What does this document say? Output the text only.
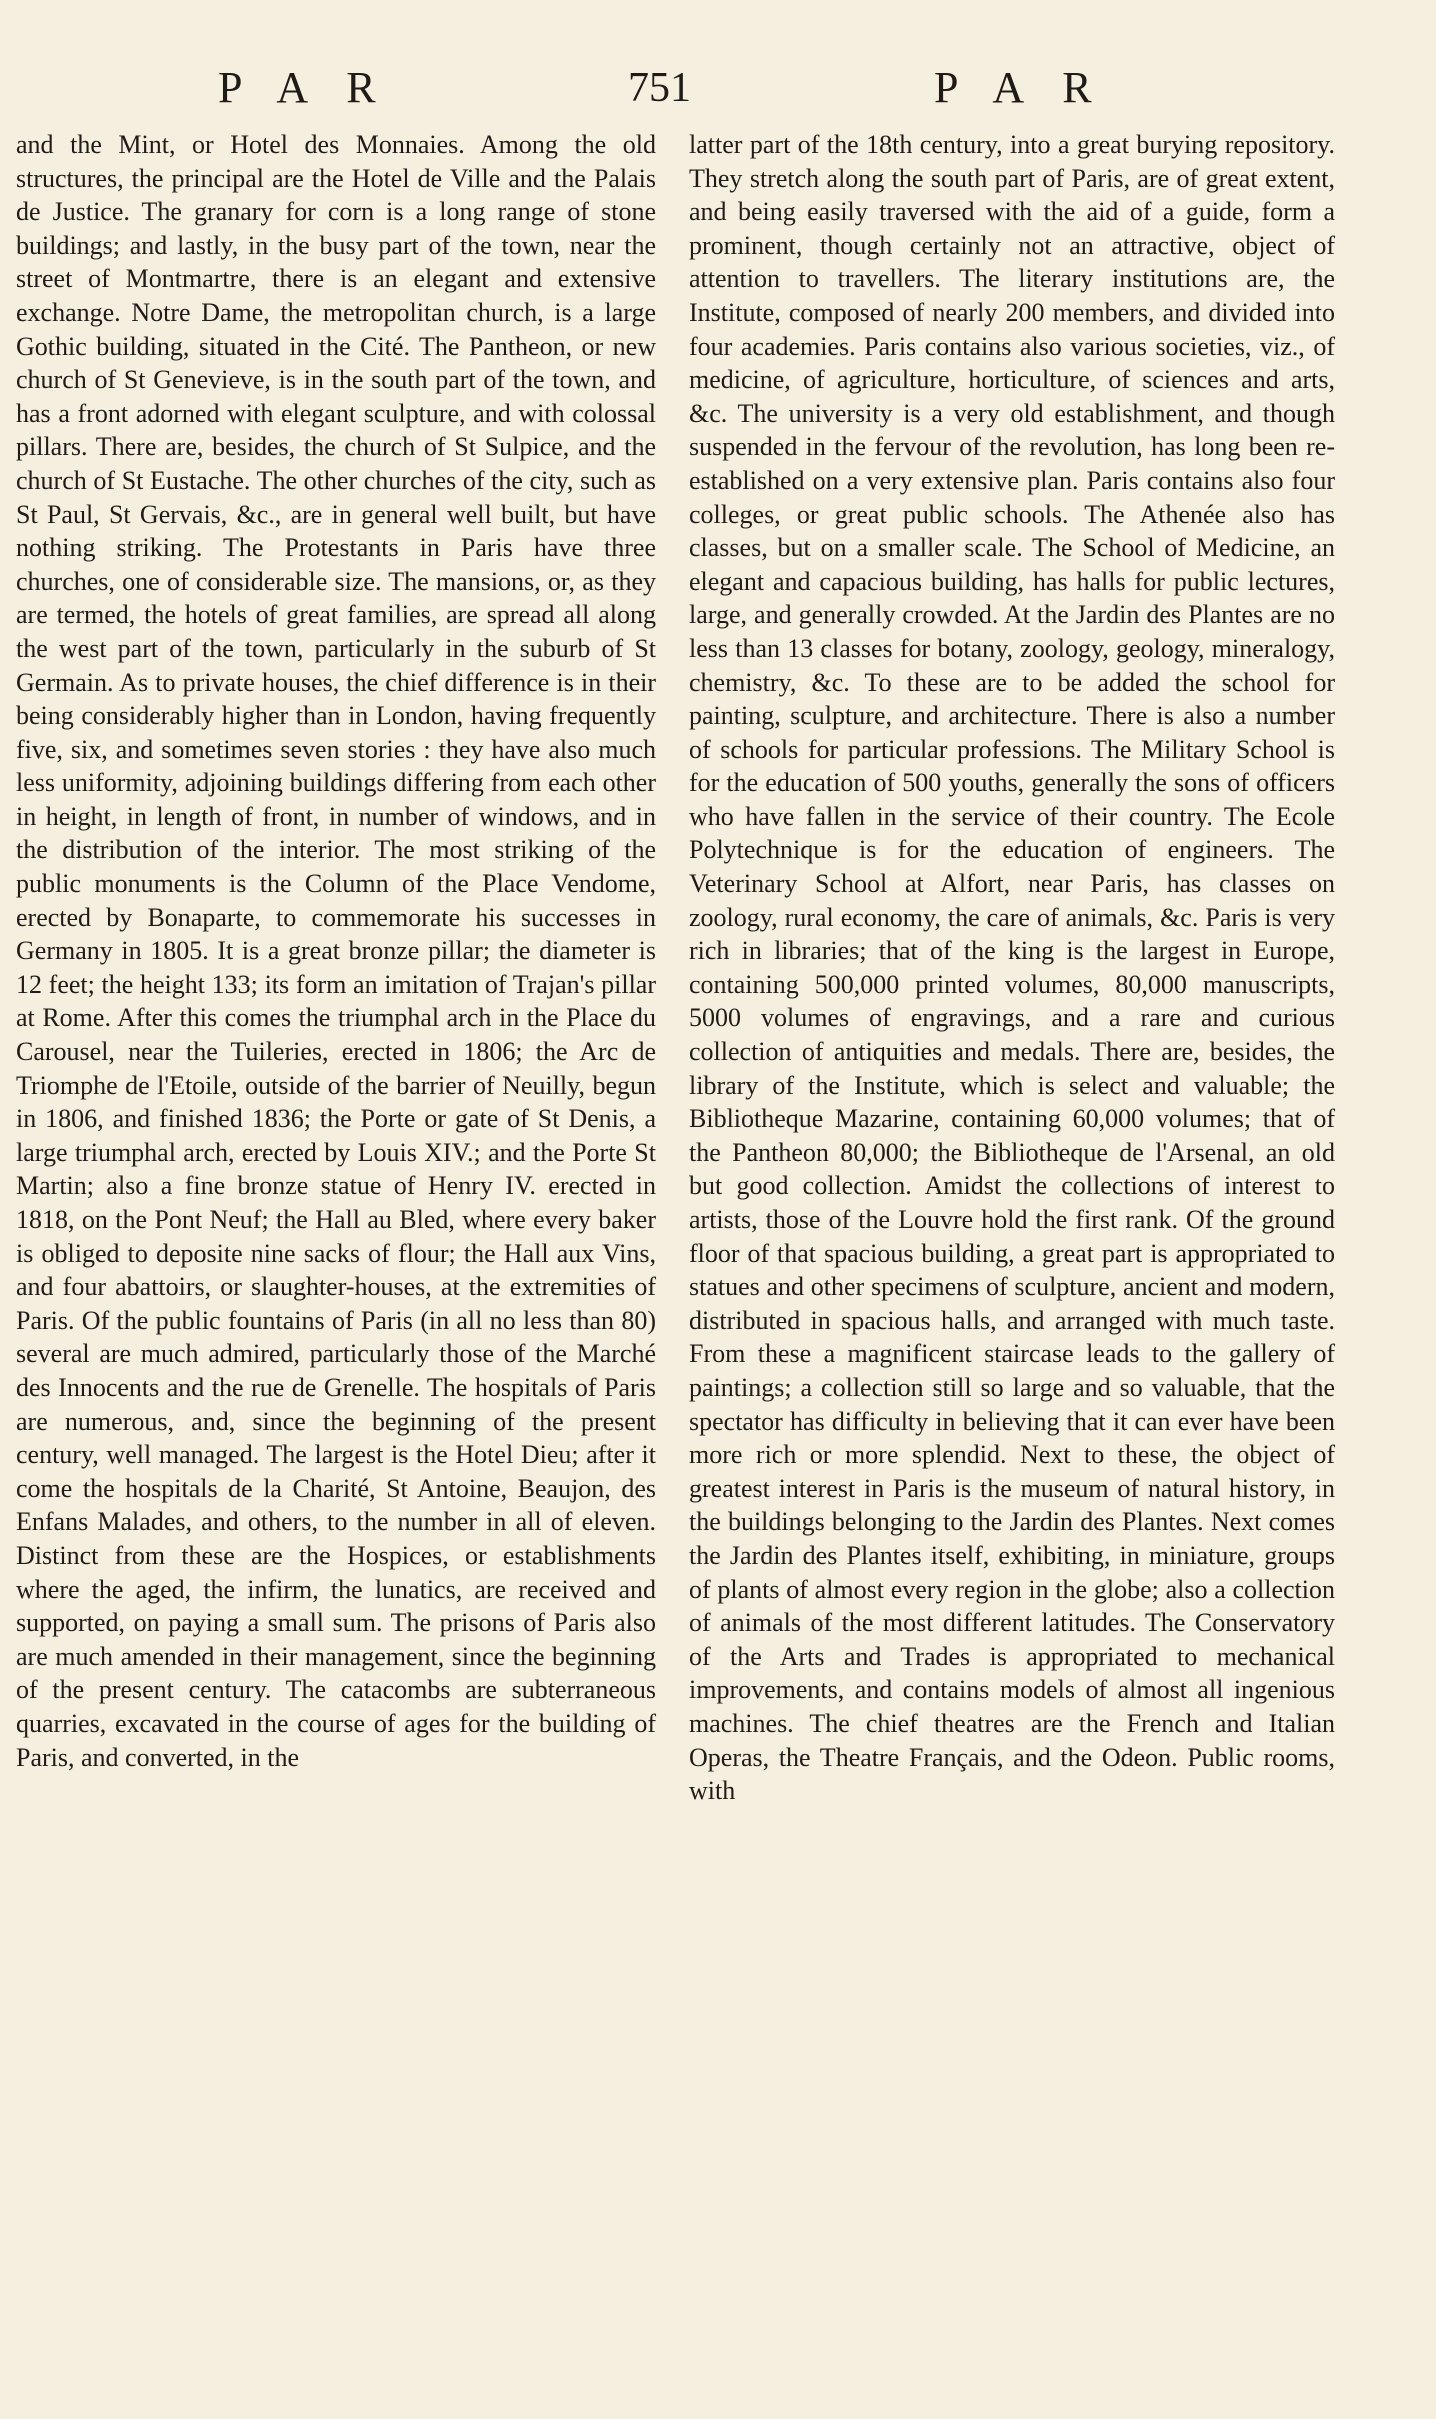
PAR	751	PAR

and the Mint, or Hotel des Monnaies. Among the old structures, the principal are the Hotel de Ville and the Palais de Justice. The granary for corn is a long range of stone buildings; and lastly, in the busy part of the town, near the street of Montmartre, there is an elegant and extensive exchange. Notre Dame, the metropolitan church, is a large Gothic building, situated in the Cité. The Pantheon, or new church of St Genevieve, is in the south part of the town, and has a front adorned with elegant sculpture, and with colossal pillars. There are, besides, the church of St Sulpice, and the church of St Eustache. The other churches of the city, such as St Paul, St Gervais, &c., are in general well built, but have nothing striking. The Protestants in Paris have three churches, one of considerable size. The mansions, or, as they are termed, the hotels of great families, are spread all along the west part of the town, particularly in the suburb of St Germain. As to private houses, the chief difference is in their being considerably higher than in London, having frequently five, six, and sometimes seven stories : they have also much less uniformity, adjoining buildings differing from each other in height, in length of front, in number of windows, and in the distribution of the interior. The most striking of the public monuments is the Column of the Place Vendome, erected by Bonaparte, to commemorate his successes in Germany in 1805. It is a great bronze pillar; the diameter is 12 feet; the height 133; its form an imitation of Trajan's pillar at Rome. After this comes the triumphal arch in the Place du Carousel, near the Tuileries, erected in 1806; the Arc de Triomphe de l'Etoile, outside of the barrier of Neuilly, begun in 1806, and finished 1836; the Porte or gate of St Denis, a large triumphal arch, erected by Louis XIV.; and the Porte St Martin; also a fine bronze statue of Henry IV. erected in 1818, on the Pont Neuf; the Hall au Bled, where every baker is obliged to deposite nine sacks of flour; the Hall aux Vins, and four abattoirs, or slaughter-houses, at the extremities of Paris. Of the public fountains of Paris (in all no less than 80) several are much admired, particularly those of the Marché des Innocents and the rue de Grenelle. The hospitals of Paris are numerous, and, since the beginning of the present century, well managed. The largest is the Hotel Dieu; after it come the hospitals de la Charité, St Antoine, Beaujon, des Enfans Malades, and others, to the number in all of eleven. Distinct from these are the Hospices, or establishments where the aged, the infirm, the lunatics, are received and supported, on paying a small sum. The prisons of Paris also are much amended in their management, since the beginning of the present century. The catacombs are subterraneous quarries, excavated in the course of ages for the building of Paris, and converted, in the

latter part of the 18th century, into a great burying repository. They stretch along the south part of Paris, are of great extent, and being easily traversed with the aid of a guide, form a prominent, though certainly not an attractive, object of attention to travellers. The literary institutions are, the Institute, composed of nearly 200 members, and divided into four academies. Paris contains also various societies, viz., of medicine, of agriculture, horticulture, of sciences and arts, &c. The university is a very old establishment, and though suspended in the fervour of the revolution, has long been re-established on a very extensive plan. Paris contains also four colleges, or great public schools. The Athenée also has classes, but on a smaller scale. The School of Medicine, an elegant and capacious building, has halls for public lectures, large, and generally crowded. At the Jardin des Plantes are no less than 13 classes for botany, zoology, geology, mineralogy, chemistry, &c. To these are to be added the school for painting, sculpture, and architecture. There is also a number of schools for particular professions. The Military School is for the education of 500 youths, generally the sons of officers who have fallen in the service of their country. The Ecole Polytechnique is for the education of engineers. The Veterinary School at Alfort, near Paris, has classes on zoology, rural economy, the care of animals, &c. Paris is very rich in libraries; that of the king is the largest in Europe, containing 500,000 printed volumes, 80,000 manuscripts, 5000 volumes of engravings, and a rare and curious collection of antiquities and medals. There are, besides, the library of the Institute, which is select and valuable; the Bibliotheque Mazarine, containing 60,000 volumes; that of the Pantheon 80,000; the Bibliotheque de l'Arsenal, an old but good collection. Amidst the collections of interest to artists, those of the Louvre hold the first rank. Of the ground floor of that spacious building, a great part is appropriated to statues and other specimens of sculpture, ancient and modern, distributed in spacious halls, and arranged with much taste. From these a magnificent staircase leads to the gallery of paintings; a collection still so large and so valuable, that the spectator has difficulty in believing that it can ever have been more rich or more splendid. Next to these, the object of greatest interest in Paris is the museum of natural history, in the buildings belonging to the Jardin des Plantes. Next comes the Jardin des Plantes itself, exhibiting, in miniature, groups of plants of almost every region in the globe; also a collection of animals of the most different latitudes. The Conservatory of the Arts and Trades is appropriated to mechanical improvements, and contains models of almost all ingenious machines. The chief theatres are the French and Italian Operas, the Theatre Français, and the Odeon. Public rooms, with
